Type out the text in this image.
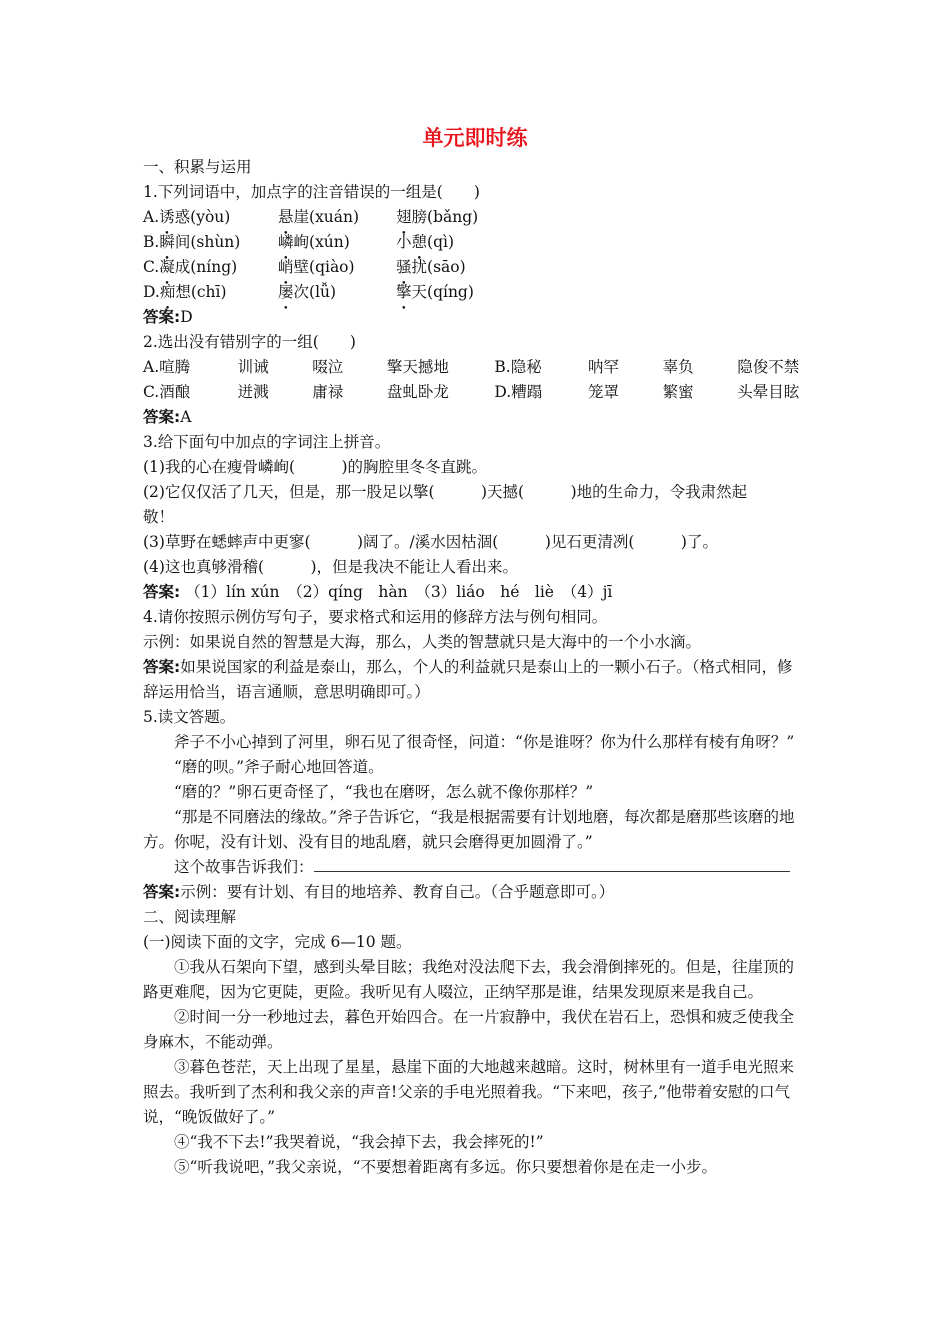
单元即时练
一、积累与运用
1.下列词语中，加点字的注音错误的一组是(　　)
A.诱惑(yòu)	悬崖(xuán)	翅膀(bǎng)
B.瞬间(shùn)	嶙峋(xún)	小憩(qì)
C.凝成(níng)	峭壁(qiào)	骚扰(sāo)
D.痴想(chī)	屡次(lǚ)	擎天(qíng)
答案:D
2.选出没有错别字的一组(　　)
A.喧腾	训诫	啜泣	擎天撼地	B.隐秘	呐罕	辜负	隐俊不禁
C.酒酿	迸溅	庸禄	盘虬卧龙	D.糟蹋	笼罩	繁蜜	头晕目眩
答案:A
3.给下面句中加点的字词注上拼音。
(1)我的心在瘦骨嶙峋(　　　)的胸腔里冬冬直跳。
(2)它仅仅活了几天，但是，那一股足以擎(　　　)天撼(　　　)地的生命力，令我肃然起
敬！
(3)草野在蟋蟀声中更寥(　　　)阔了。/溪水因枯涸(　　　)见石更清冽(　　　)了。
(4)这也真够滑稽(　　　)，但是我决不能让人看出来。
答案: （1）lín xún　（2）qíng　hàn　（3）liáo　hé　liè　（4）jī
4.请你按照示例仿写句子，要求格式和运用的修辞方法与例句相同。
示例：如果说自然的智慧是大海，那么，人类的智慧就只是大海中的一个小水滴。
答案:如果说国家的利益是泰山，那么，个人的利益就只是泰山上的一颗小石子。（格式相同，修辞运用恰当，语言通顺，意思明确即可。）
5.读文答题。
斧子不小心掉到了河里，卵石见了很奇怪，问道：“你是谁呀？你为什么那样有棱有角呀？”
“磨的呗。”斧子耐心地回答道。
“磨的？”卵石更奇怪了，“我也在磨呀，怎么就不像你那样？”
“那是不同磨法的缘故。”斧子告诉它，“我是根据需要有计划地磨，每次都是磨那些该磨的地方。你呢，没有计划、没有目的地乱磨，就只会磨得更加圆滑了。”
这个故事告诉我们：
答案:示例：要有计划、有目的地培养、教育自己。（合乎题意即可。）
二、阅读理解
(一)阅读下面的文字，完成 6—10 题。
①我从石架向下望，感到头晕目眩；我绝对没法爬下去，我会滑倒摔死的。但是，往崖顶的路更难爬，因为它更陡，更险。我听见有人啜泣，正纳罕那是谁，结果发现原来是我自己。
②时间一分一秒地过去，暮色开始四合。在一片寂静中，我伏在岩石上，恐惧和疲乏使我全身麻木，不能动弹。
③暮色苍茫，天上出现了星星，悬崖下面的大地越来越暗。这时，树林里有一道手电光照来照去。我听到了杰利和我父亲的声音!父亲的手电光照着我。“下来吧，孩子,”他带着安慰的口气说，“晚饭做好了。”
④“我不下去!”我哭着说，“我会掉下去，我会摔死的!”
⑤“听我说吧，”我父亲说，“不要想着距离有多远。你只要想着你是在走一小步。
